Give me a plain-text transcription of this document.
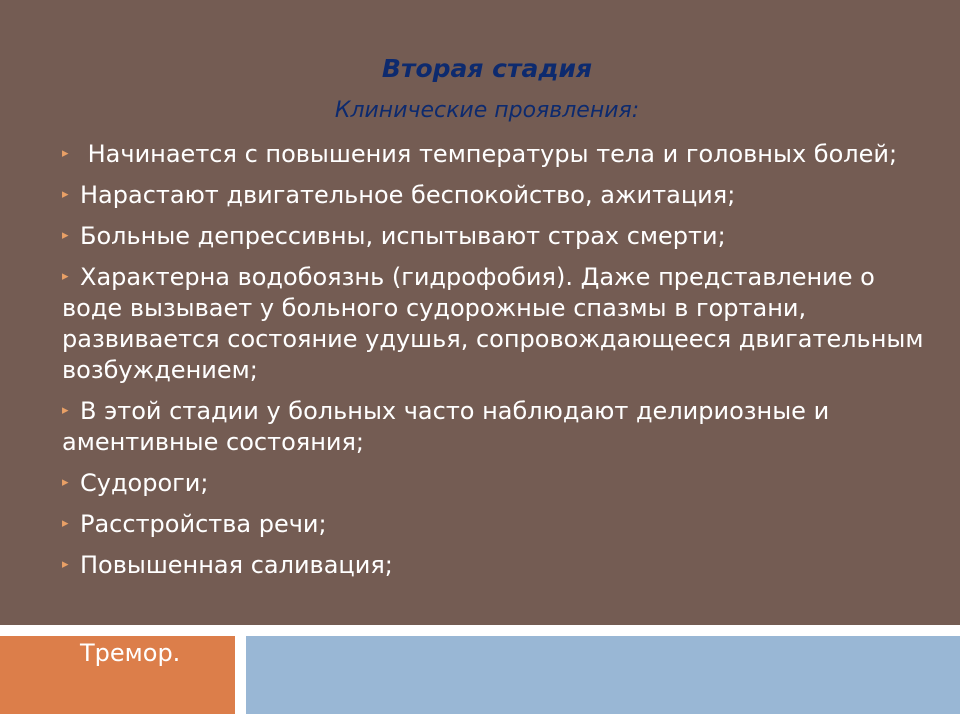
Вторая стадия
Клинические проявления:
▸ Начинается с повышения температуры тела и головных болей;
▸ Нарастают двигательное беспокойство, ажитация;
▸ Больные депрессивны, испытывают страх смерти;
▸ Характерна водобоязнь (гидрофобия). Даже представление о воде вызывает у больного судорожные спазмы в гортани, развивается состояние удушья, сопровождающееся двигательным возбуждением;
▸ В этой стадии у больных часто наблюдают делириозные и аментивные состояния;
▸ Судороги;
▸ Расстройства речи;
▸ Повышенная саливация;
Тремор.
